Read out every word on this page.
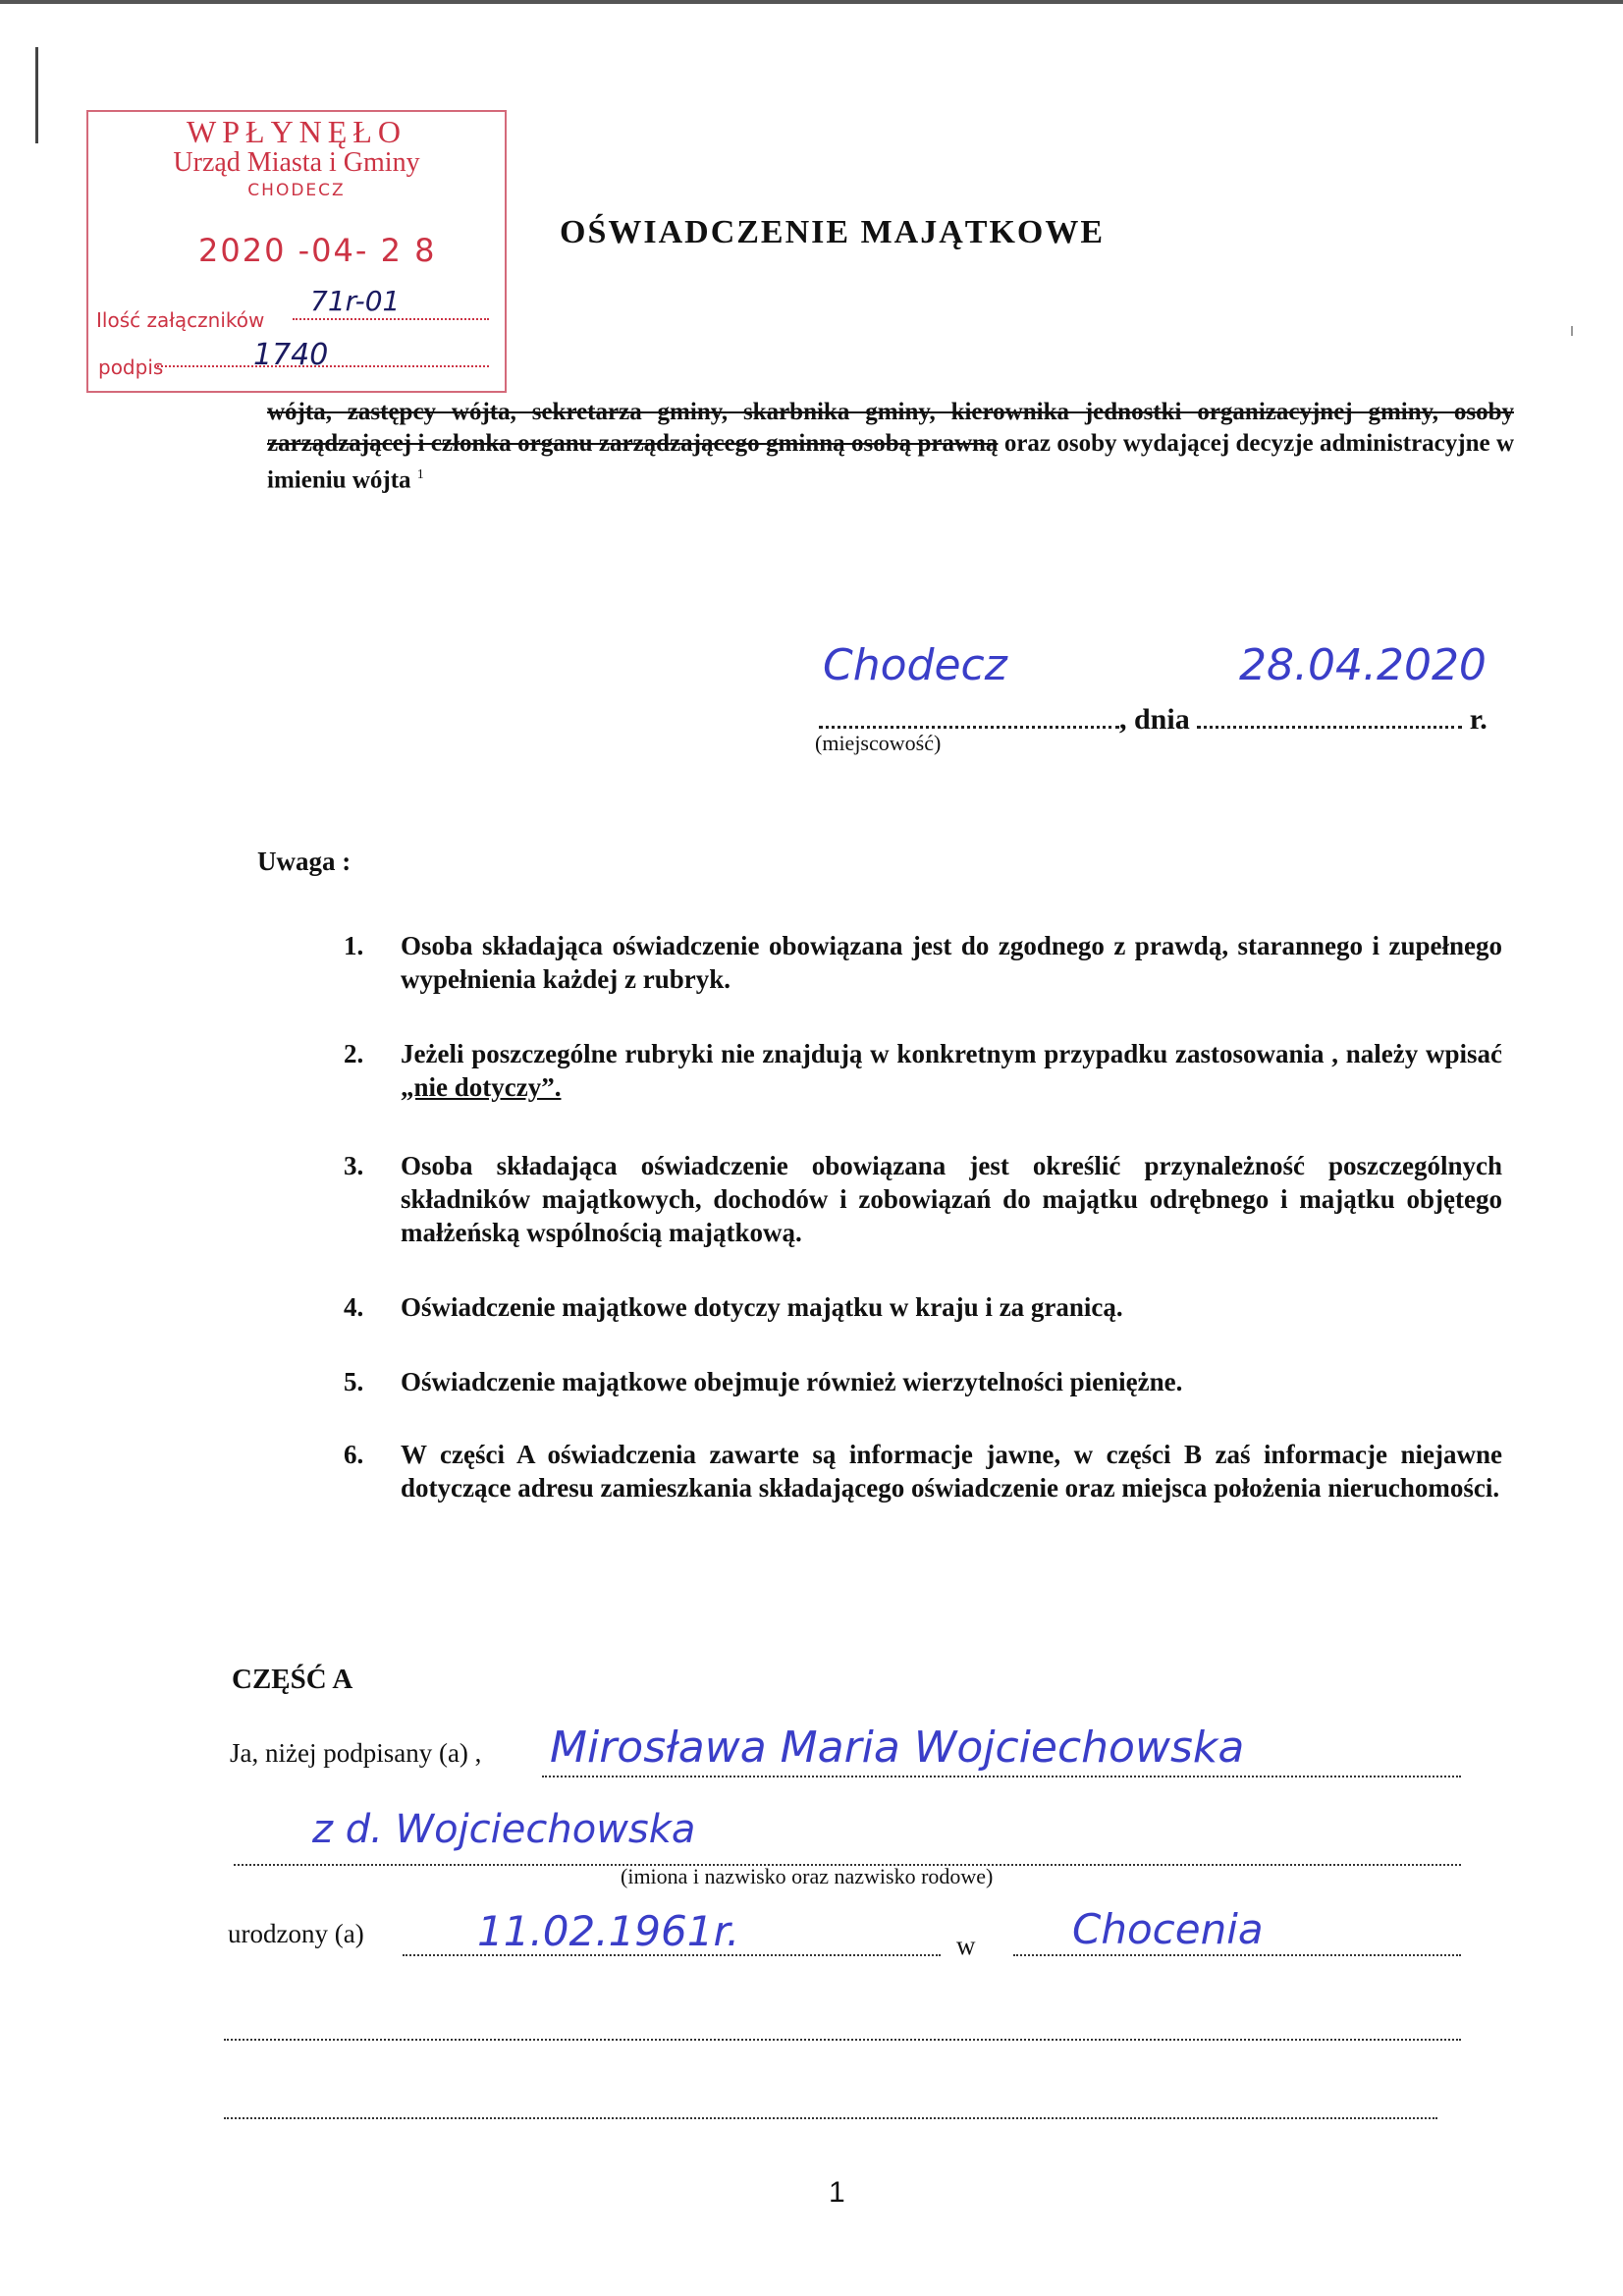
WPŁYNĘŁO
Urząd Miasta i Gminy
CHODECZ
2020 -04- 2 8
71r-01
Ilość załączników
1740
podpis
OŚWIADCZENIE MAJĄTKOWE
wójta, zastępcy wójta, sekretarza gminy, skarbnika gminy, kierownika jednostki organizacyjnej gminy, osoby zarządzającej i członka organu zarządzającego gminną osobą prawną oraz osoby wydającej decyzje administracyjne w imieniu wójta $^1$
Chodecz	28.04.2020
, dnia	r.
(miejscowość)
Uwaga :
1. Osoba składająca oświadczenie obowiązana jest do zgodnego z prawdą, starannego i zupełnego wypełnienia każdej z rubryk.
2. Jeżeli poszczególne rubryki nie znajdują w konkretnym przypadku zastosowania , należy wpisać „nie dotyczy”.
3. Osoba składająca oświadczenie obowiązana jest określić przynależność poszczególnych składników majątkowych, dochodów i zobowiązań do majątku odrębnego i majątku objętego małżeńską wspólnością majątkową.
4. Oświadczenie majątkowe dotyczy majątku w kraju i za granicą.
5. Oświadczenie majątkowe obejmuje również wierzytelności pieniężne.
6. W części A oświadczenia zawarte są informacje jawne, w części B zaś informacje niejawne dotyczące adresu zamieszkania składającego oświadczenie oraz miejsca położenia nieruchomości.
CZĘŚĆ A
Ja, niżej podpisany (a) , Mirosława Maria Wojciechowska
z d. Wojciechowska
(imiona i nazwisko oraz nazwisko rodowe)
urodzony (a)	11.02.1961r.	w Chocenia
1
